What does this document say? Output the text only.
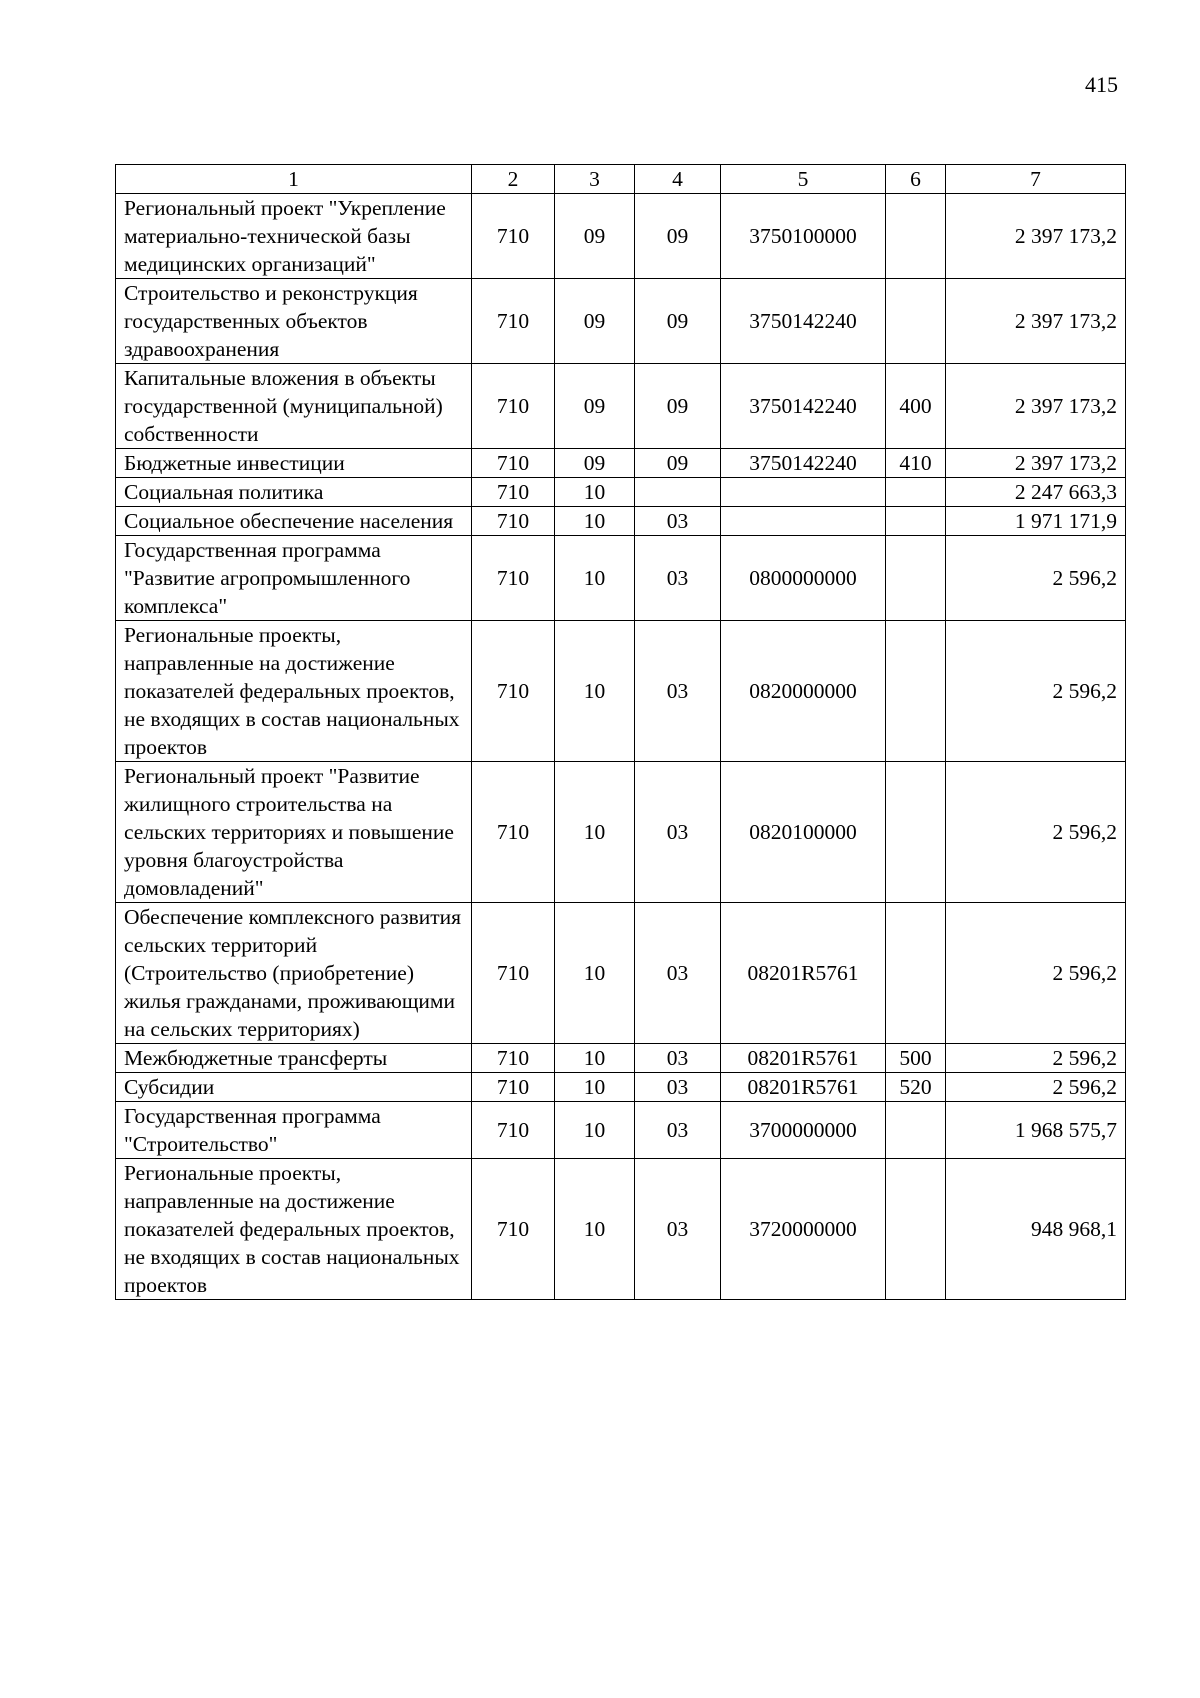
415
1	2	3	4	5	6	7
Региональный проект "Укрепление материально-технической базы медицинских организаций"	710	09	09	3750100000		2 397 173,2
Строительство и реконструкция государственных объектов здравоохранения	710	09	09	3750142240		2 397 173,2
Капитальные вложения в объекты государственной (муниципальной) собственности	710	09	09	3750142240	400	2 397 173,2
Бюджетные инвестиции	710	09	09	3750142240	410	2 397 173,2
Социальная политика	710	10				2 247 663,3
Социальное обеспечение населения	710	10	03			1 971 171,9
Государственная программа "Развитие агропромышленного комплекса"	710	10	03	0800000000		2 596,2
Региональные проекты, направленные на достижение показателей федеральных проектов, не входящих в состав национальных проектов	710	10	03	0820000000		2 596,2
Региональный проект "Развитие жилищного строительства на сельских территориях и повышение уровня благоустройства домовладений"	710	10	03	0820100000		2 596,2
Обеспечение комплексного развития сельских территорий (Строительство (приобретение) жилья гражданами, проживающими на сельских территориях)	710	10	03	08201R5761		2 596,2
Межбюджетные трансферты	710	10	03	08201R5761	500	2 596,2
Субсидии	710	10	03	08201R5761	520	2 596,2
Государственная программа "Строительство"	710	10	03	3700000000		1 968 575,7
Региональные проекты, направленные на достижение показателей федеральных проектов, не входящих в состав национальных проектов	710	10	03	3720000000		948 968,1
